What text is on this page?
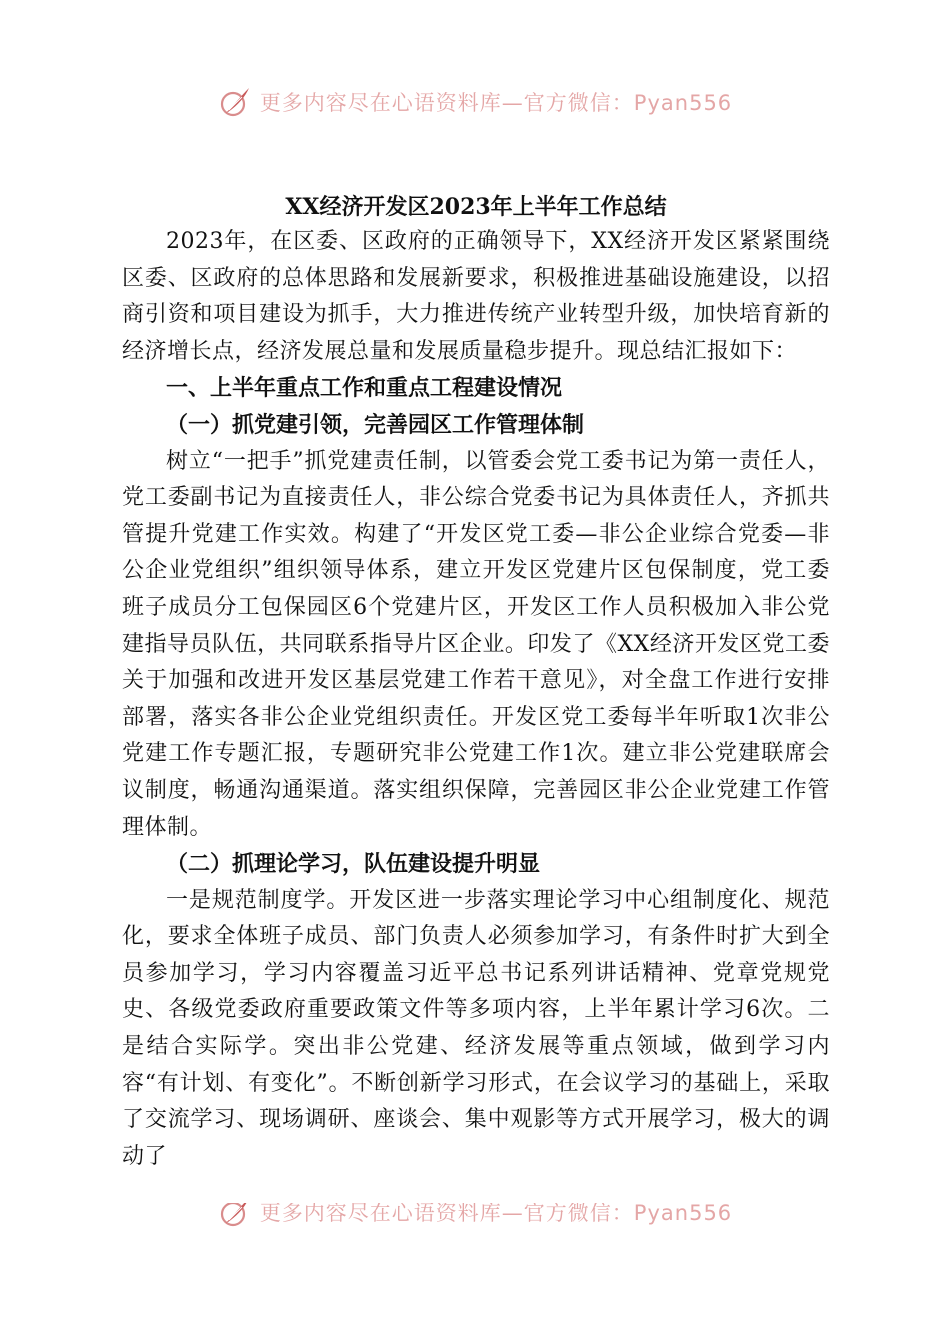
更多内容尽在心语资料库—官方微信：Pyan556

XX经济开发区2023年上半年工作总结

2023年，在区委、区政府的正确领导下，XX经济开发区紧紧围绕区委、区政府的总体思路和发展新要求，积极推进基础设施建设，以招商引资和项目建设为抓手，大力推进传统产业转型升级，加快培育新的经济增长点，经济发展总量和发展质量稳步提升。现总结汇报如下：

一、上半年重点工作和重点工程建设情况

（一）抓党建引领，完善园区工作管理体制

树立“一把手”抓党建责任制，以管委会党工委书记为第一责任人，党工委副书记为直接责任人，非公综合党委书记为具体责任人，齐抓共管提升党建工作实效。构建了“开发区党工委—非公企业综合党委—非公企业党组织”组织领导体系，建立开发区党建片区包保制度，党工委班子成员分工包保园区6个党建片区，开发区工作人员积极加入非公党建指导员队伍，共同联系指导片区企业。印发了《XX经济开发区党工委关于加强和改进开发区基层党建工作若干意见》，对全盘工作进行安排部署，落实各非公企业党组织责任。开发区党工委每半年听取1次非公党建工作专题汇报，专题研究非公党建工作1次。建立非公党建联席会议制度，畅通沟通渠道。落实组织保障，完善园区非公企业党建工作管理体制。

（二）抓理论学习，队伍建设提升明显

一是规范制度学。开发区进一步落实理论学习中心组制度化、规范化，要求全体班子成员、部门负责人必须参加学习，有条件时扩大到全员参加学习，学习内容覆盖习近平总书记系列讲话精神、党章党规党史、各级党委政府重要政策文件等多项内容，上半年累计学习6次。二是结合实际学。突出非公党建、经济发展等重点领域，做到学习内容“有计划、有变化”。不断创新学习形式，在会议学习的基础上，采取了交流学习、现场调研、座谈会、集中观影等方式开展学习，极大的调动了

更多内容尽在心语资料库—官方微信：Pyan556
